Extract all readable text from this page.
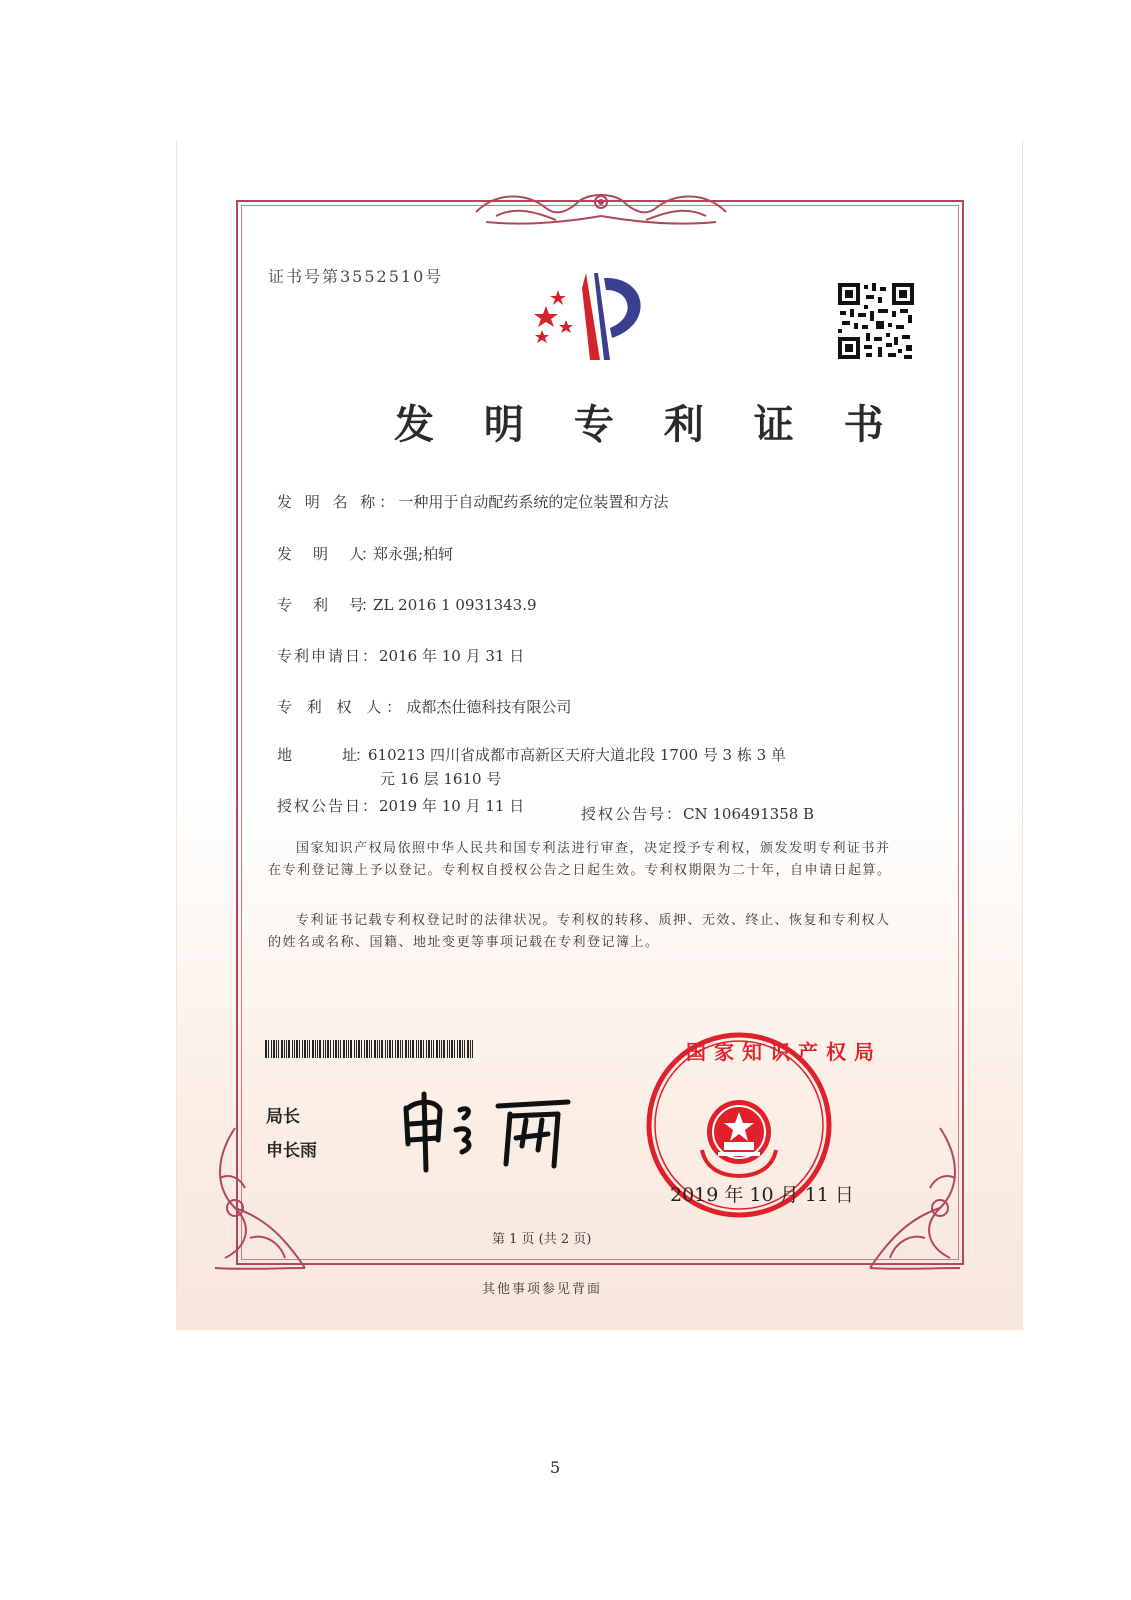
证书号第3552510号
发 明 专 利 证 书
发 明 名 称：一种用于自动配药系统的定位装置和方法
发　　明　　人：郑永强;柏轲
专　　利　　号：ZL 2016 1 0931343.9
专利申请日：2016 年 10 月 31 日
专 利 权 人：成都杰仕德科技有限公司
地　　　　址：610213 四川省成都市高新区天府大道北段 1700 号 3 栋 3 单
元 16 层 1610 号
授权公告日：2019 年 10 月 11 日	授权公告号：CN 106491358 B
国家知识产权局依照中华人民共和国专利法进行审查，决定授予专利权，颁发发明专利证书并在专利登记簿上予以登记。专利权自授权公告之日起生效。专利权期限为二十年，自申请日起算。
专利证书记载专利权登记时的法律状况。专利权的转移、质押、无效、终止、恢复和专利权人的姓名或名称、国籍、地址变更等事项记载在专利登记簿上。
局长
申长雨
国家知识产权局
2019 年 10 月 11 日
第 1 页 (共 2 页)
其他事项参见背面
5
